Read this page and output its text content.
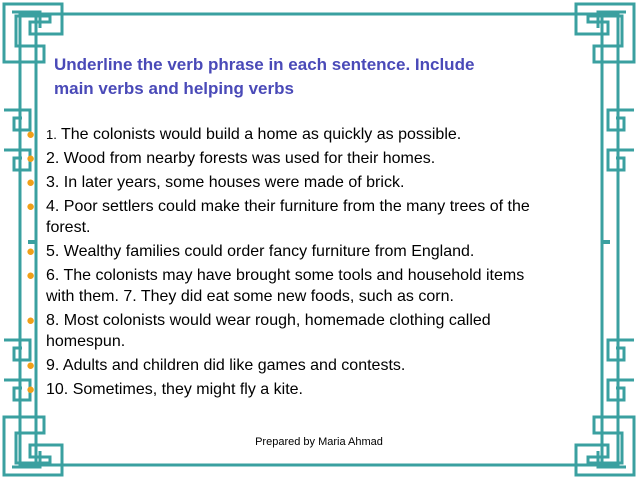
Underline the verb phrase in each sentence. Include
main verbs and helping verbs
● 1. The colonists would build a home as quickly as possible.
● 2. Wood from nearby forests was used for their homes.
● 3. In later years, some houses were made of brick.
● 4. Poor settlers could make their furniture from the many trees of the
forest.
● 5. Wealthy families could order fancy furniture from England.
● 6. The colonists may have brought some tools and household items
with them. 7. They did eat some new foods, such as corn.
● 8. Most colonists would wear rough, homemade clothing called
homespun.
● 9. Adults and children did like games and contests.
● 10. Sometimes, they might fly a kite.
Prepared by Maria Ahmad
